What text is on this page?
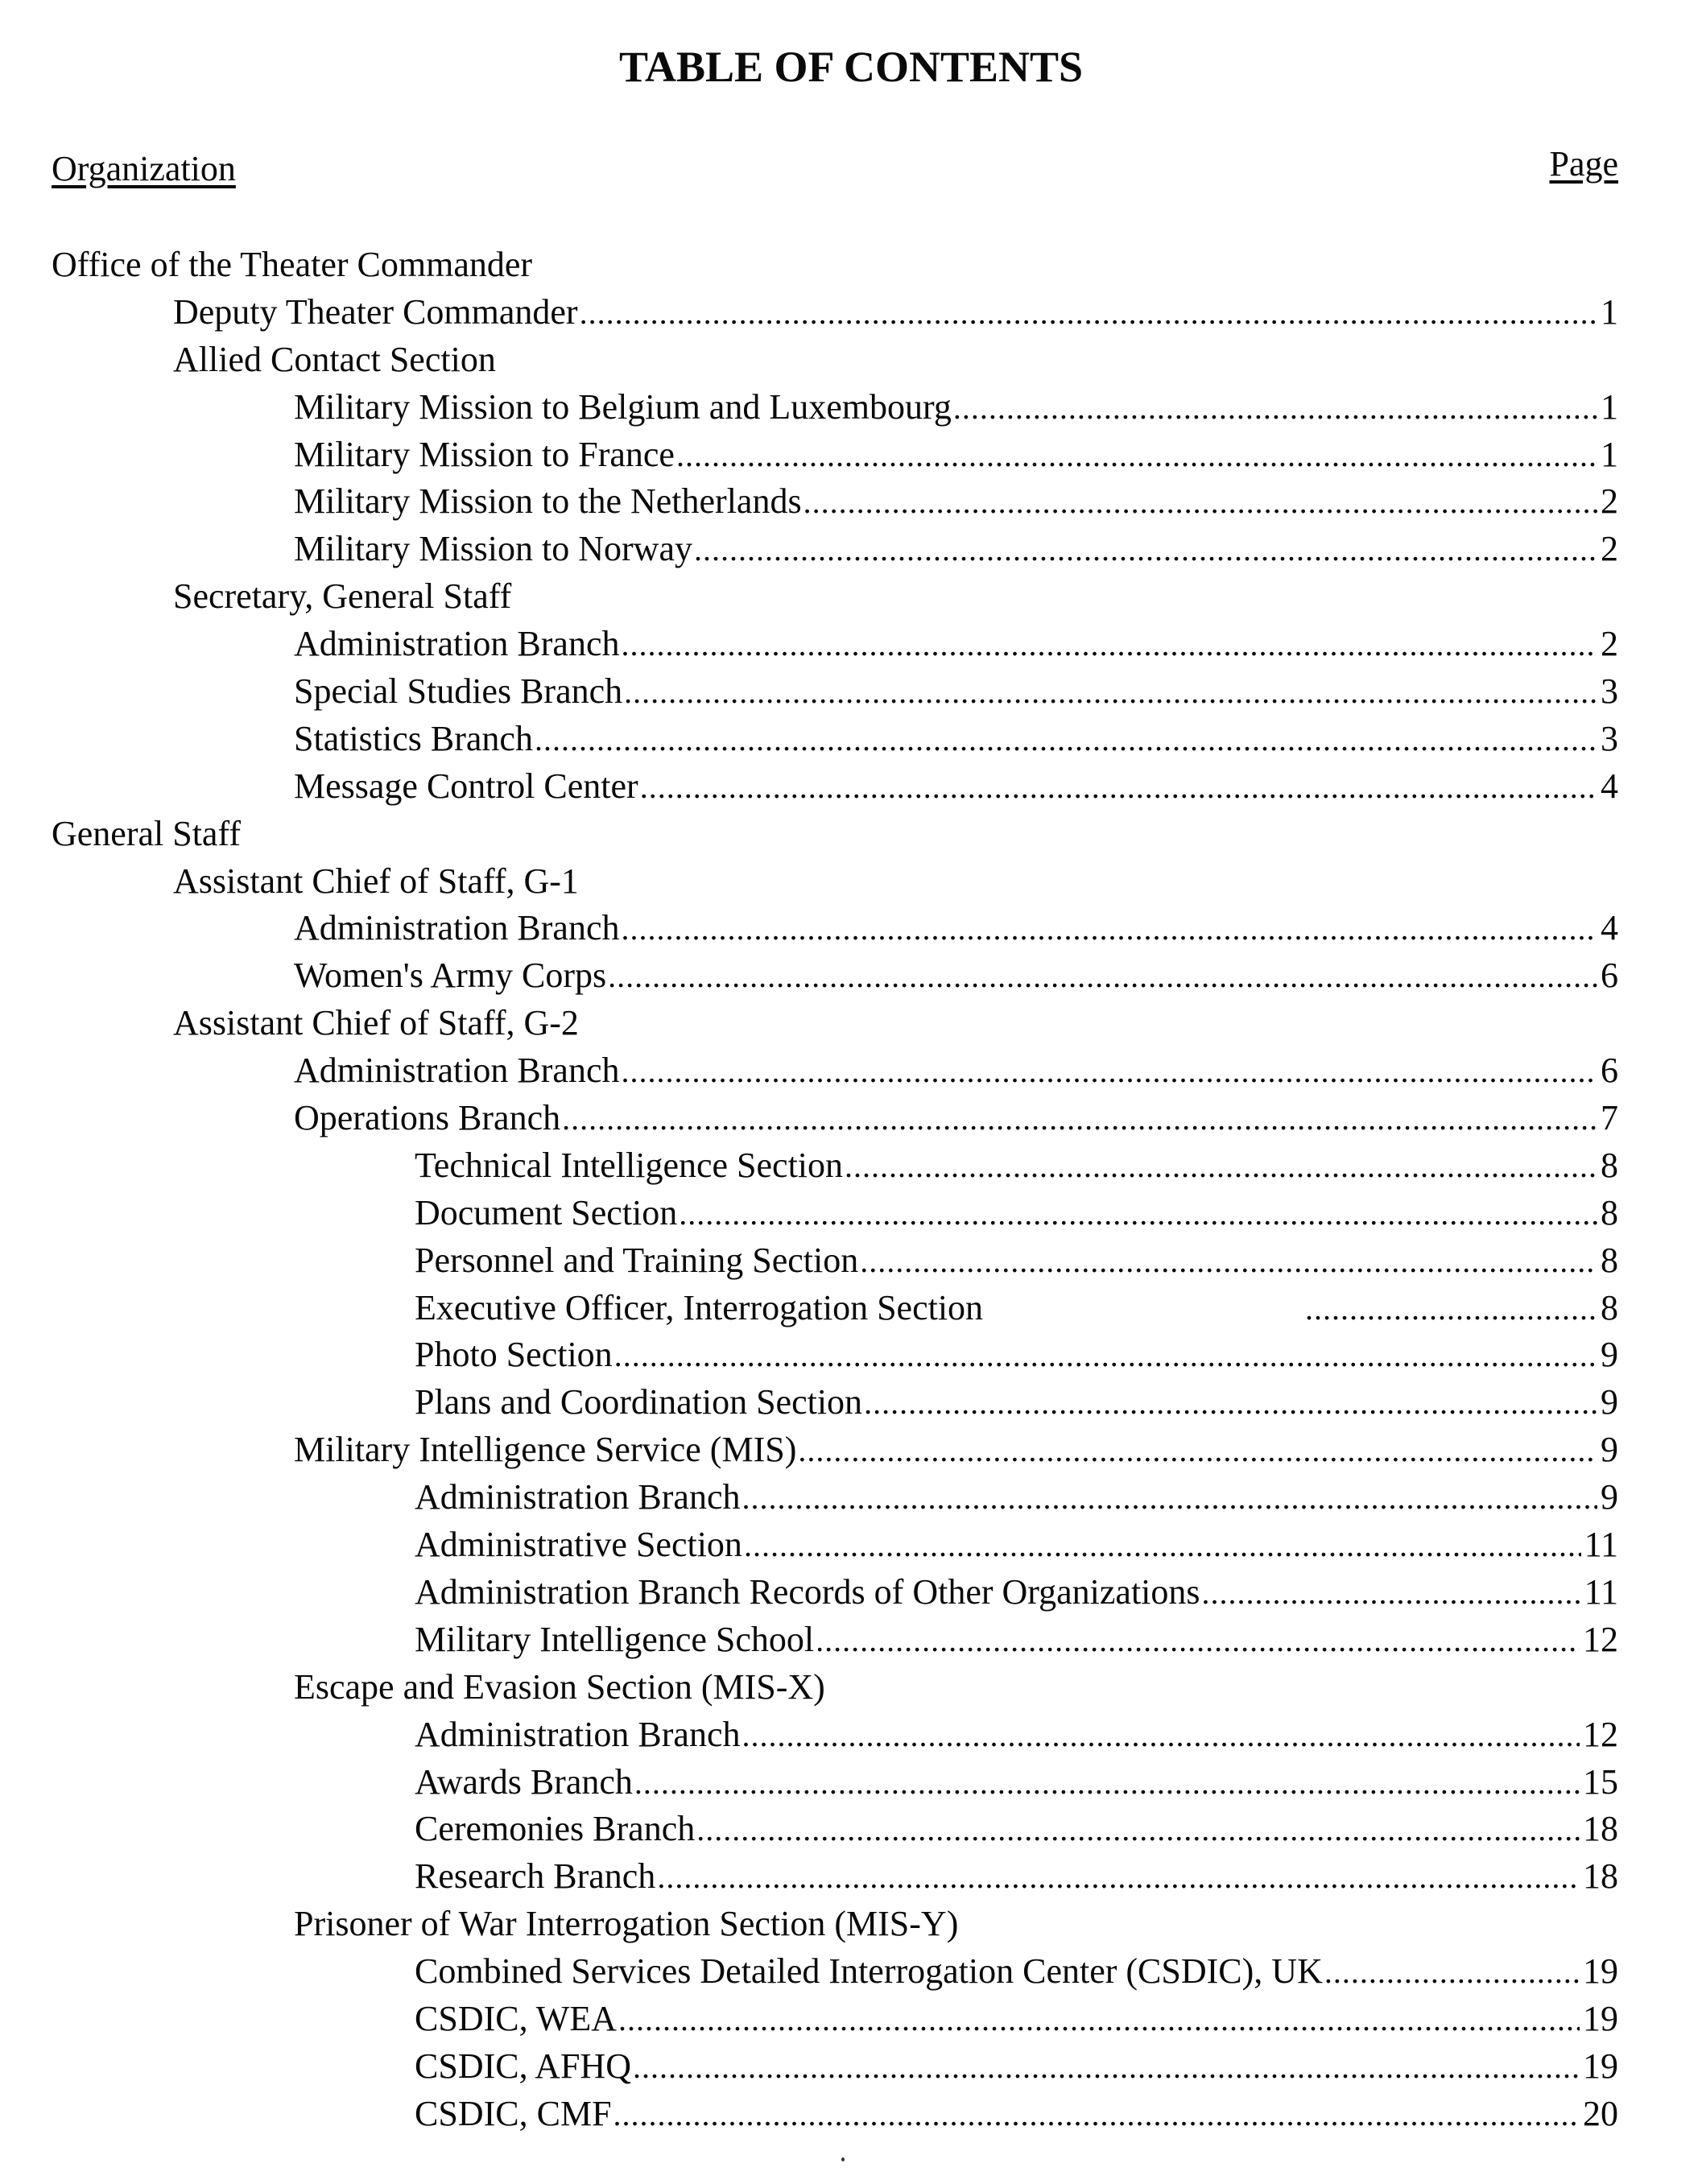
TABLE OF CONTENTS
Organization	Page
Office of the Theater Commander
Deputy Theater Commander .....	1
Allied Contact Section
Military Mission to Belgium and Luxembourg .....	1
Military Mission to France .....	1
Military Mission to the Netherlands .....	2
Military Mission to Norway .....	2
Secretary, General Staff
Administration Branch .....	2
Special Studies Branch .....	3
Statistics Branch .....	3
Message Control Center .....	4
General Staff
Assistant Chief of Staff, G-1
Administration Branch .....	4
Women's Army Corps .....	6
Assistant Chief of Staff, G-2
Administration Branch .....	6
Operations Branch .....	7
Technical Intelligence Section .....	8
Document Section .....	8
Personnel and Training Section .....	8
Executive Officer, Interrogation Section .....	8
Photo Section .....	9
Plans and Coordination Section .....	9
Military Intelligence Service (MIS) .....	9
Administration Branch .....	9
Administrative Section .....	11
Administration Branch Records of Other Organizations .....	11
Military Intelligence School .....	12
Escape and Evasion Section (MIS-X)
Administration Branch .....	12
Awards Branch .....	15
Ceremonies Branch .....	18
Research Branch .....	18
Prisoner of War Interrogation Section (MIS-Y)
Combined Services Detailed Interrogation Center (CSDIC), UK .....	19
CSDIC, WEA .....	19
CSDIC, AFHQ .....	19
CSDIC, CMF .....	20
